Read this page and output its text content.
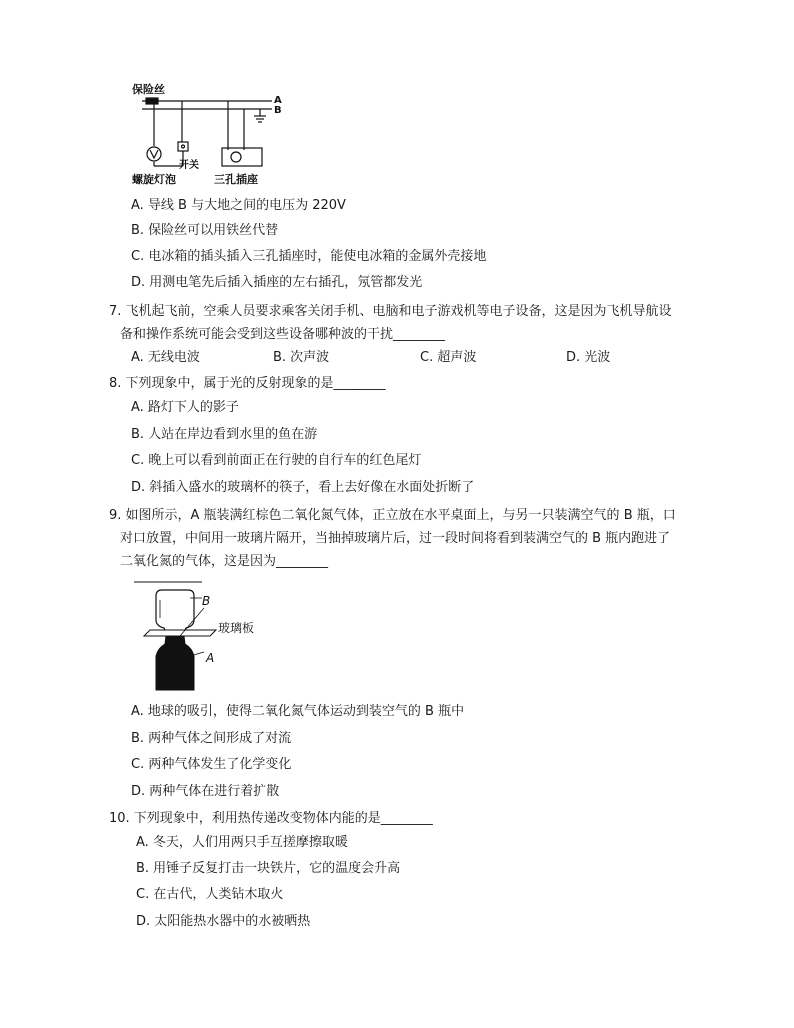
保险丝
A
B
开关
螺旋灯泡	三孔插座
A. 导线 B 与大地之间的电压为 220V
B. 保险丝可以用铁丝代替
C. 电冰箱的插头插入三孔插座时，能使电冰箱的金属外壳接地
D. 用测电笔先后插入插座的左右插孔，氖管都发光
7. 飞机起飞前，空乘人员要求乘客关闭手机、电脑和电子游戏机等电子设备，这是因为飞机导航设
备和操作系统可能会受到这些设备哪种波的干扰________
A. 无线电波	B. 次声波	C. 超声波	D. 光波
8. 下列现象中，属于光的反射现象的是________
A. 路灯下人的影子
B. 人站在岸边看到水里的鱼在游
C. 晚上可以看到前面正在行驶的自行车的红色尾灯
D. 斜插入盛水的玻璃杯的筷子，看上去好像在水面处折断了
9. 如图所示，A 瓶装满红棕色二氧化氮气体，正立放在水平桌面上，与另一只装满空气的 B 瓶，口
对口放置，中间用一玻璃片隔开，当抽掉玻璃片后，过一段时间将看到装满空气的 B 瓶内跑进了
二氧化氮的气体，这是因为________
B
玻璃板
A
A. 地球的吸引，使得二氧化氮气体运动到装空气的 B 瓶中
B. 两种气体之间形成了对流
C. 两种气体发生了化学变化
D. 两种气体在进行着扩散
10. 下列现象中，利用热传递改变物体内能的是________
A. 冬天，人们用两只手互搓摩擦取暖
B. 用锤子反复打击一块铁片，它的温度会升高
C. 在古代，人类钻木取火
D. 太阳能热水器中的水被晒热
